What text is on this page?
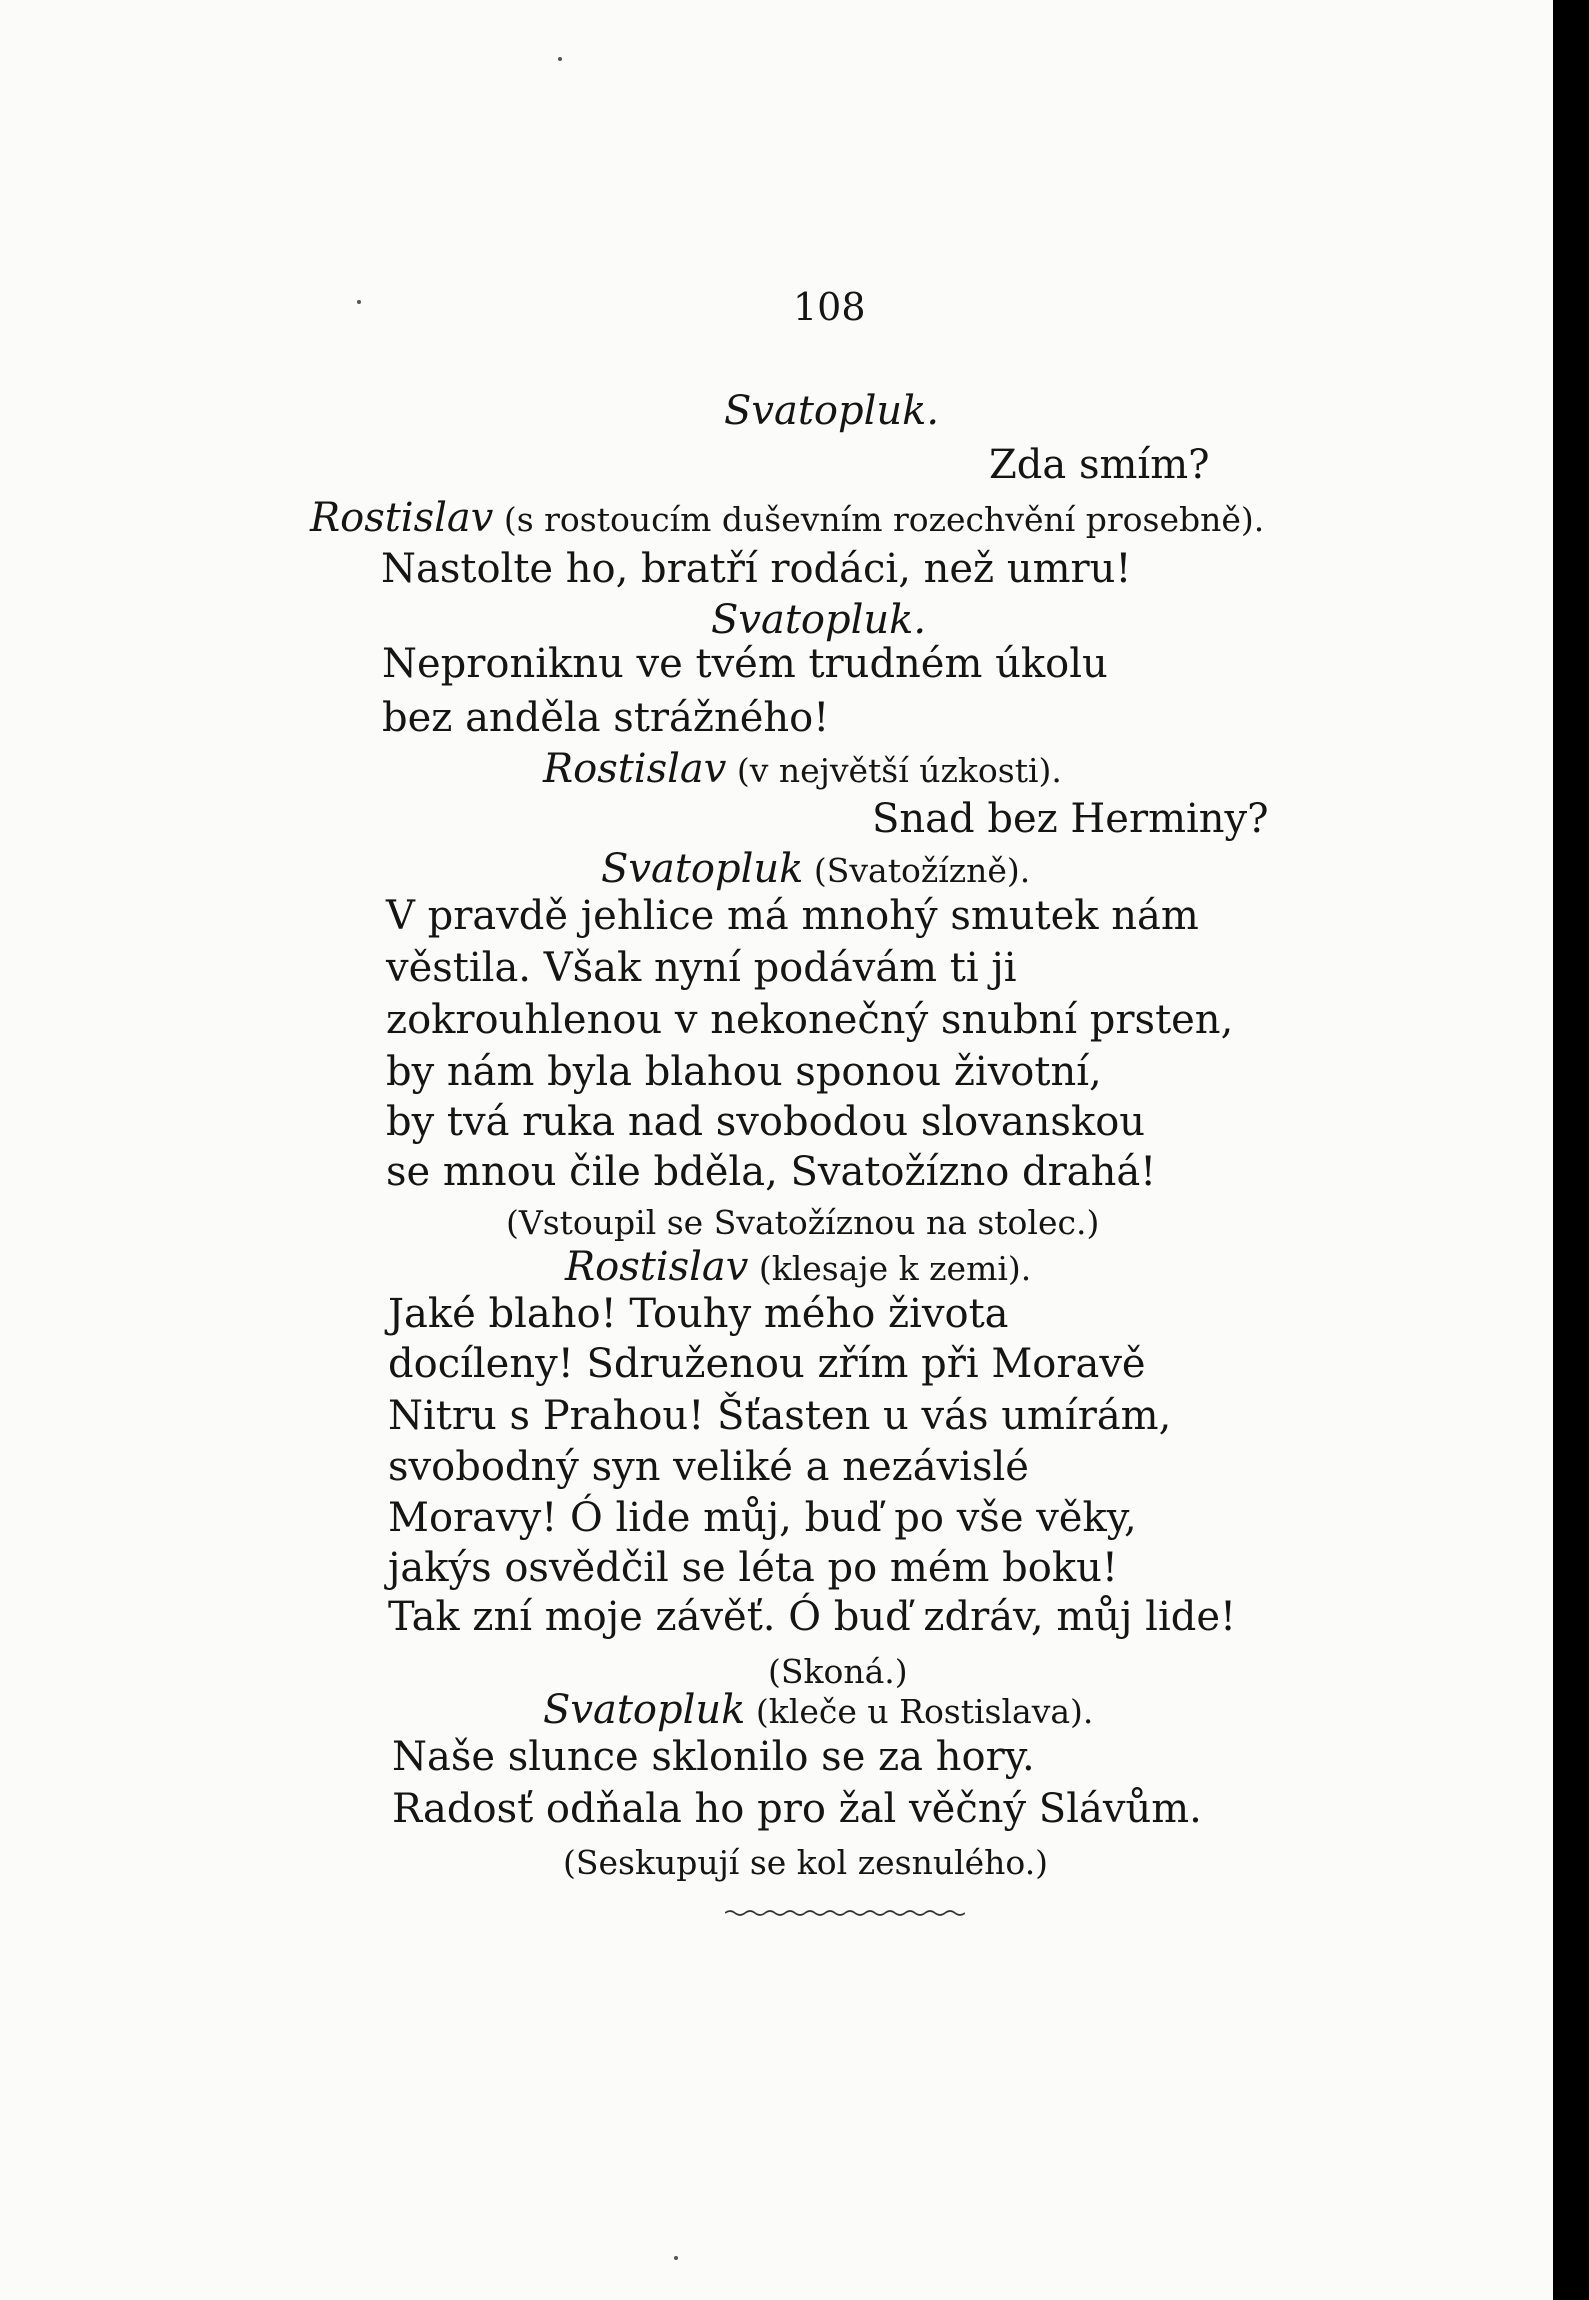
108
Svatopluk.
Zda smím?
Rostislav (s rostoucím duševním rozechvění prosebně).
Nastolte ho, bratří rodáci, než umru!
Svatopluk.
Neproniknu ve tvém trudném úkolu
bez anděla strážného!
Rostislav (v největší úzkosti).
Snad bez Herminy?
Svatopluk (Svatožízně).
V pravdě jehlice má mnohý smutek nám
věstila. Však nyní podávám ti ji
zokrouhlenou v nekonečný snubní prsten,
by nám byla blahou sponou životní,
by tvá ruka nad svobodou slovanskou
se mnou čile bděla, Svatožízno drahá!
(Vstoupil se Svatožíznou na stolec.)
Rostislav (klesaje k zemi).
Jaké blaho! Touhy mého života
docíleny! Sdruženou zřím při Moravě
Nitru s Prahou! Šťasten u vás umírám,
svobodný syn veliké a nezávislé
Moravy! Ó lide můj, buď po vše věky,
jakýs osvědčil se léta po mém boku!
Tak zní moje závěť. Ó buď zdráv, můj lide!
(Skoná.)
Svatopluk (kleče u Rostislava).
Naše slunce sklonilo se za hory.
Radosť odňala ho pro žal věčný Slávům.
(Seskupují se kol zesnulého.)
